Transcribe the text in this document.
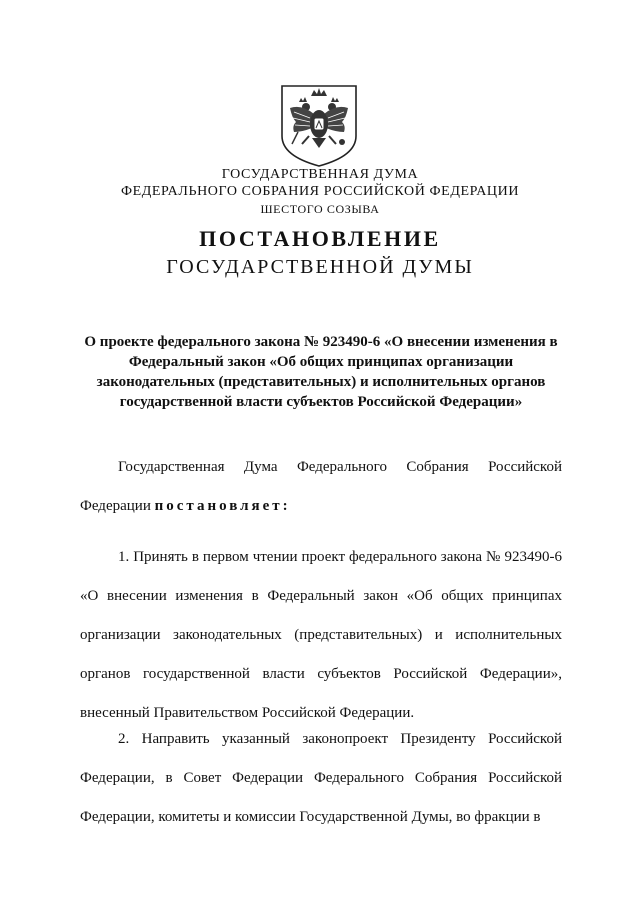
ГОСУДАРСТВЕННАЯ ДУМА
ФЕДЕРАЛЬНОГО СОБРАНИЯ РОССИЙСКОЙ ФЕДЕРАЦИИ
ШЕСТОГО СОЗЫВА
ПОСТАНОВЛЕНИЕ
ГОСУДАРСТВЕННОЙ ДУМЫ
О проекте федерального закона № 923490-6 «О внесении изменения в
Федеральный закон «Об общих принципах организации
законодательных (представительных) и исполнительных органов
государственной власти субъектов Российской Федерации»

Государственная Дума Федерального Собрания Российской Федерации постановляет:

1. Принять в первом чтении проект федерального закона № 923490-6 «О внесении изменения в Федеральный закон «Об общих принципах организации законодательных (представительных) и исполнительных органов государственной власти субъектов Российской Федерации», внесенный Правительством Российской Федерации.

2. Направить указанный законопроект Президенту Российской Федерации, в Совет Федерации Федерального Собрания Российской Федерации, комитеты и комиссии Государственной Думы, во фракции в
